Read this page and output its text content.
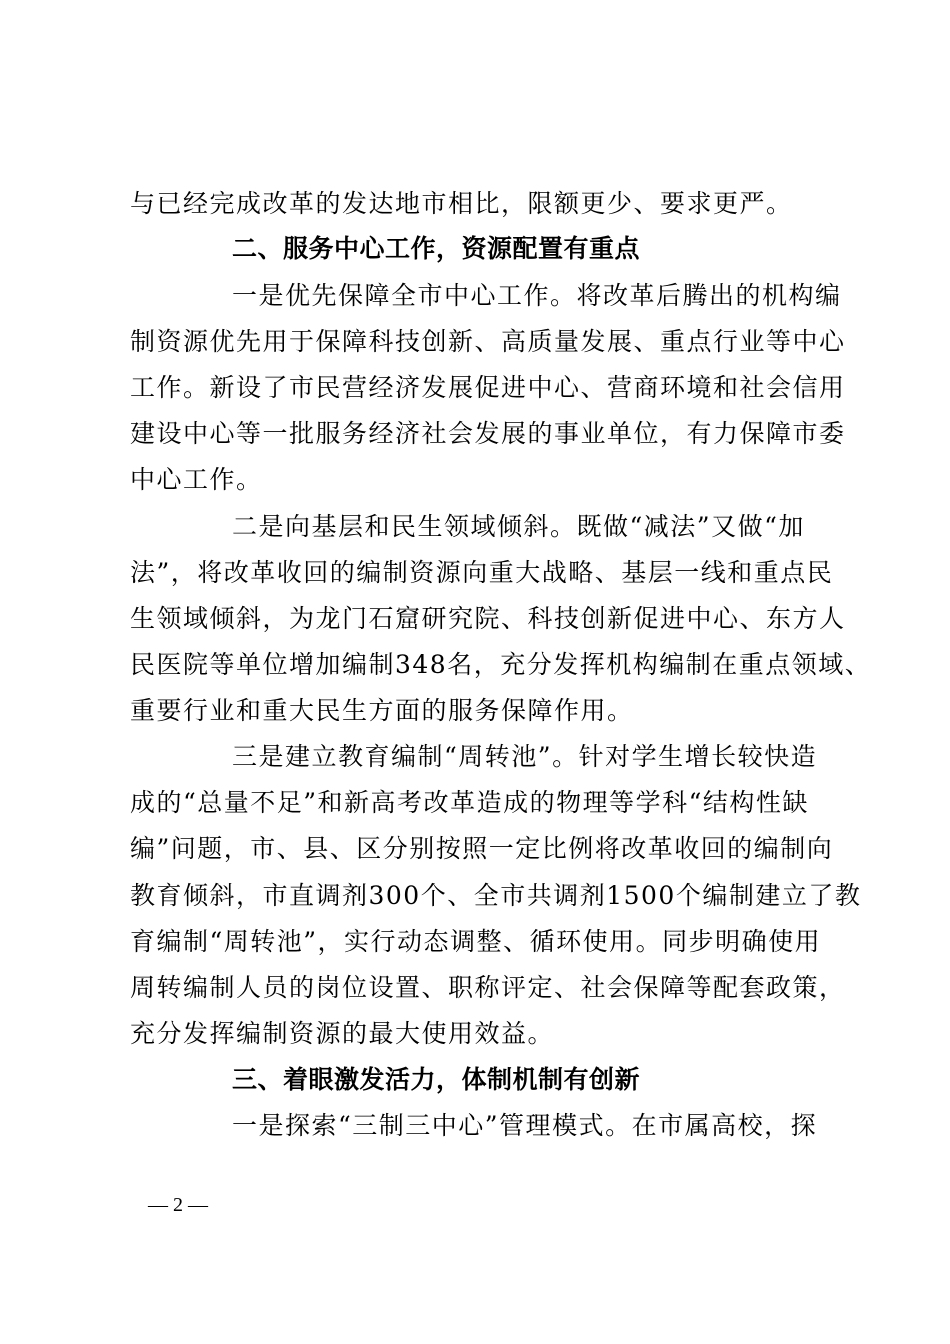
与已经完成改革的发达地市相比，限额更少、要求更严。
二、服务中心工作，资源配置有重点
一是优先保障全市中心工作。将改革后腾出的机构编
制资源优先用于保障科技创新、高质量发展、重点行业等中心
工作。新设了市民营经济发展促进中心、营商环境和社会信用
建设中心等一批服务经济社会发展的事业单位，有力保障市委
中心工作。
二是向基层和民生领域倾斜。既做“减法”又做“加
法”，将改革收回的编制资源向重大战略、基层一线和重点民
生领域倾斜，为龙门石窟研究院、科技创新促进中心、东方人
民医院等单位增加编制348名，充分发挥机构编制在重点领域、
重要行业和重大民生方面的服务保障作用。
三是建立教育编制“周转池”。针对学生增长较快造
成的“总量不足”和新高考改革造成的物理等学科“结构性缺
编”问题，市、县、区分别按照一定比例将改革收回的编制向
教育倾斜，市直调剂300个、全市共调剂1500个编制建立了教
育编制“周转池”，实行动态调整、循环使用。同步明确使用
周转编制人员的岗位设置、职称评定、社会保障等配套政策，
充分发挥编制资源的最大使用效益。
三、着眼激发活力，体制机制有创新
一是探索“三制三中心”管理模式。在市属高校，探
— 2 —
